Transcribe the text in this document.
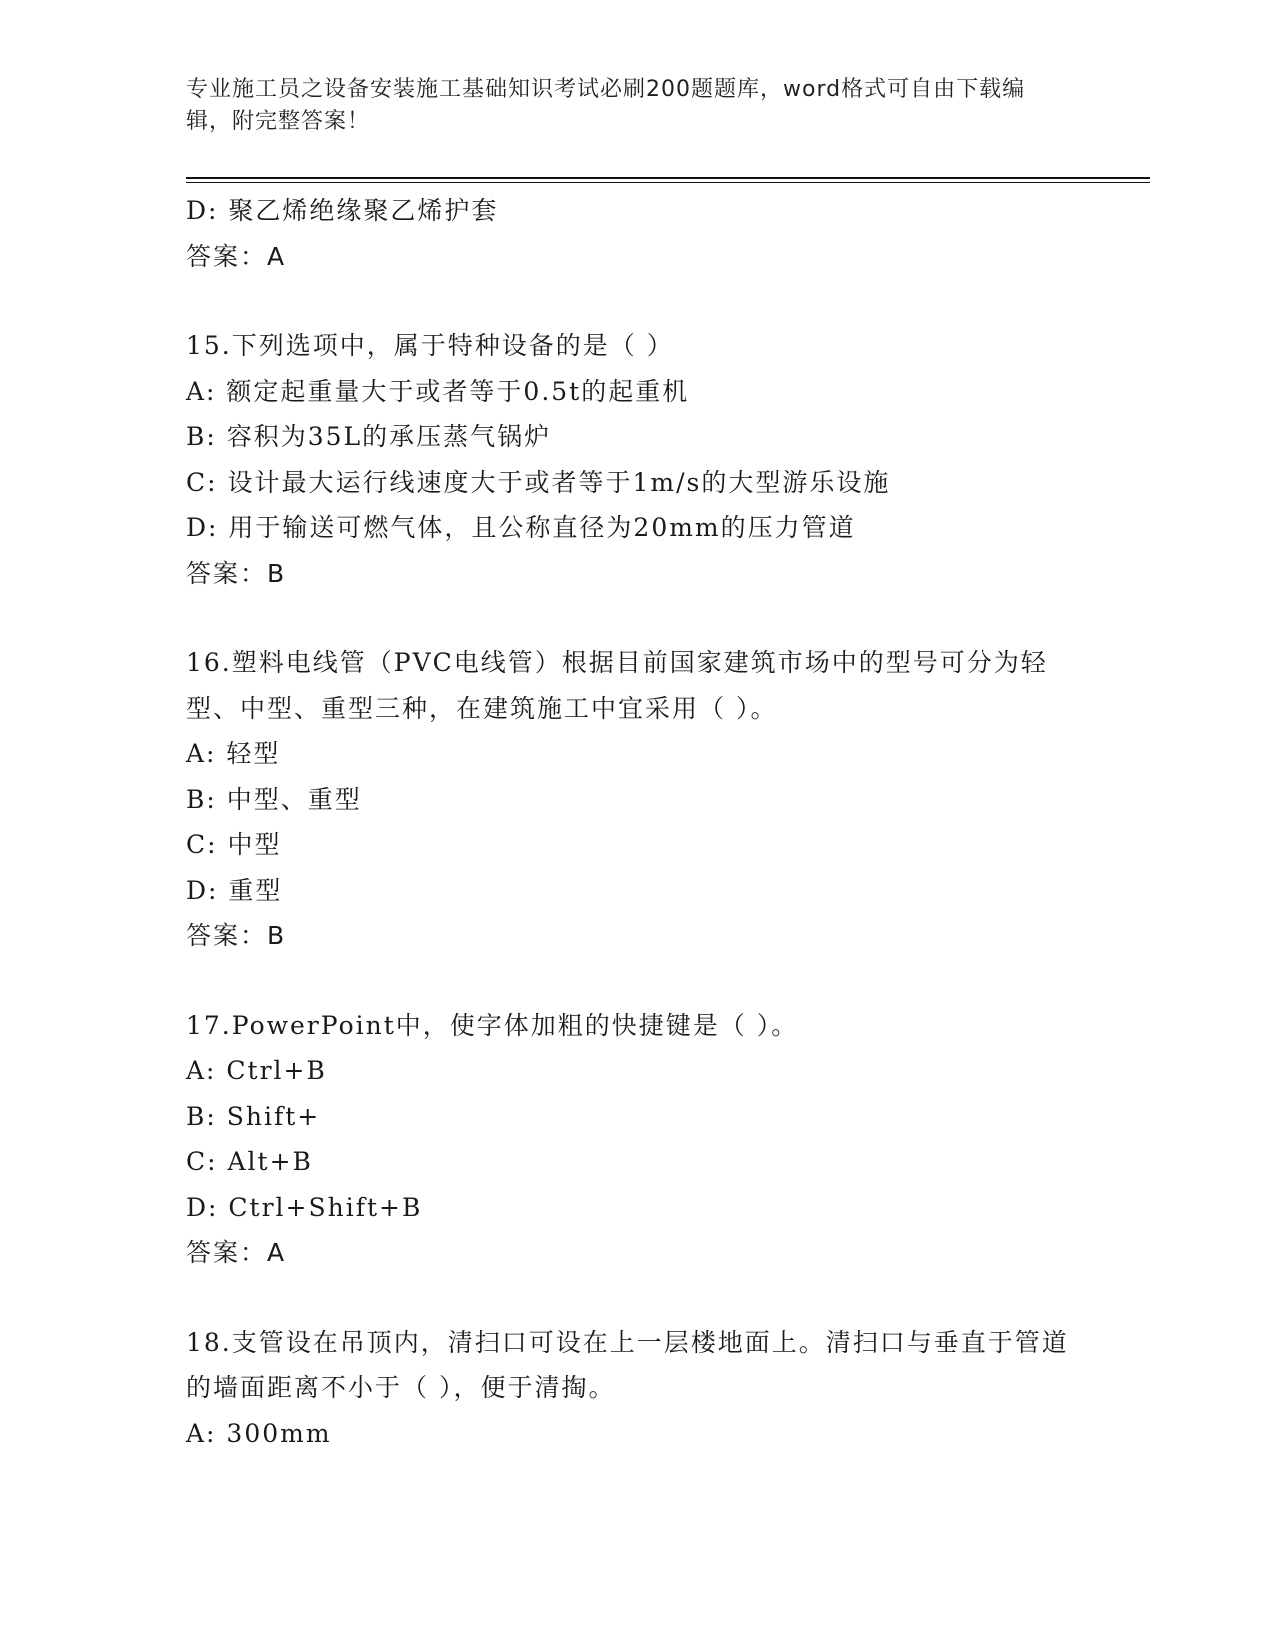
专业施工员之设备安装施工基础知识考试必刷200题题库，word格式可自由下载编辑，附完整答案！
D: 聚乙烯绝缘聚乙烯护套
答案：A
15.下列选项中，属于特种设备的是（ ）
A: 额定起重量大于或者等于0.5t的起重机
B: 容积为35L的承压蒸气锅炉
C: 设计最大运行线速度大于或者等于1m/s的大型游乐设施
D: 用于输送可燃气体，且公称直径为20mm的压力管道
答案：B
16.塑料电线管（PVC电线管）根据目前国家建筑市场中的型号可分为轻型、中型、重型三种，在建筑施工中宜采用（ ）。
A: 轻型
B: 中型、重型
C: 中型
D: 重型
答案：B
17.PowerPoint中，使字体加粗的快捷键是（ ）。
A: Ctrl+B
B: Shift+
C: Alt+B
D: Ctrl+Shift+B
答案：A
18.支管设在吊顶内，清扫口可设在上一层楼地面上。清扫口与垂直于管道的墙面距离不小于（ ），便于清掏。
A: 300mm
